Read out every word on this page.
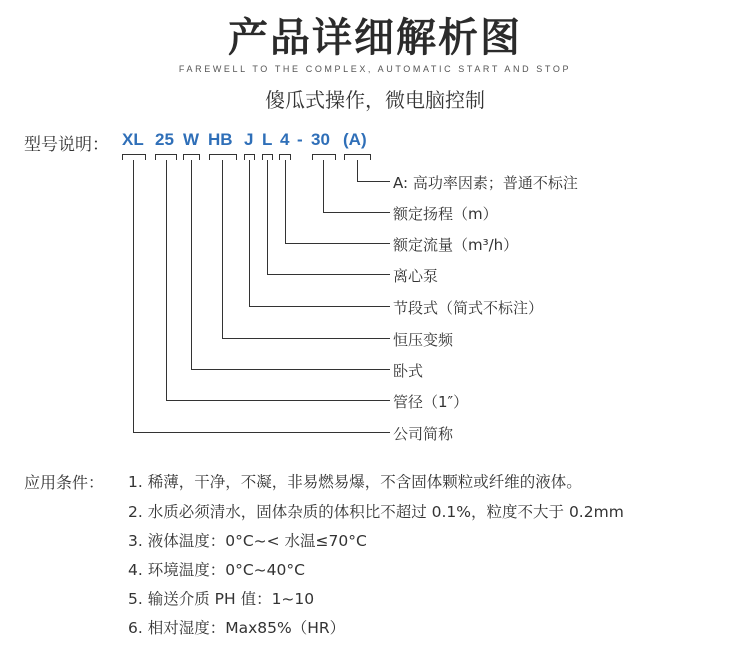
产品详细解析图
FAREWELL TO THE COMPLEX, AUTOMATIC START AND STOP
傻瓜式操作，微电脑控制
型号说明： XL 25 W HB J L 4 - 30 (A)
A: 高功率因素；普通不标注
额定扬程（m）
额定流量（m³/h）
离心泵
节段式（简式不标注）
恒压变频
卧式
管径（1″）
公司简称
应用条件： 1. 稀薄，干净，不凝，非易燃易爆，不含固体颗粒或纤维的液体。
2. 水质必须清水，固体杂质的体积比不超过 0.1%，粒度不大于 0.2mm
3. 液体温度：0°C~< 水温≤70°C
4. 环境温度：0°C~40°C
5. 输送介质 PH 值：1~10
6. 相对湿度：Max85%（HR）
